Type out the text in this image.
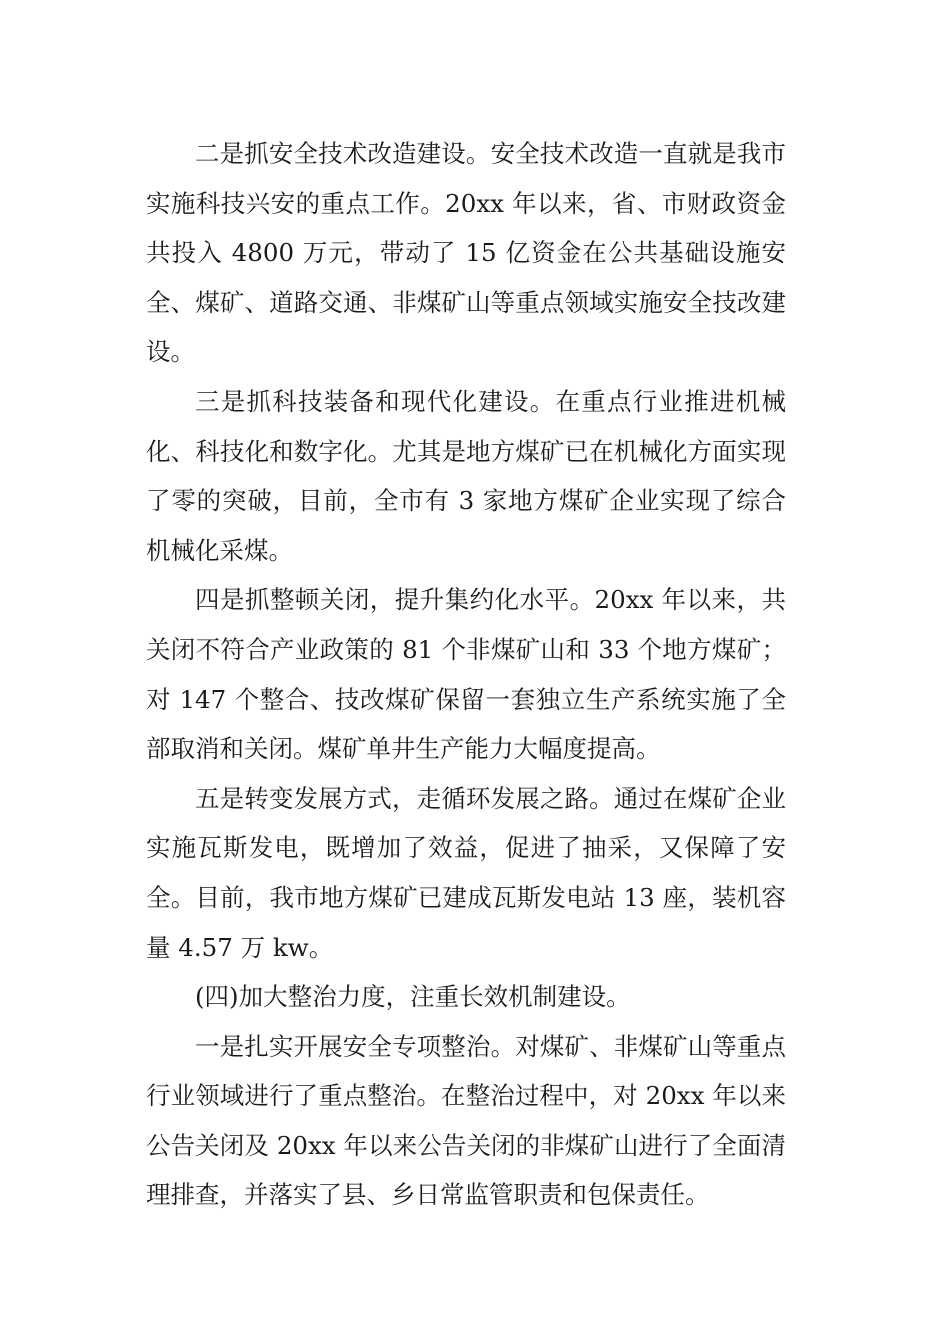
二是抓安全技术改造建设。安全技术改造一直就是我市实施科技兴安的重点工作。20xx 年以来，省、市财政资金共投入 4800 万元，带动了 15 亿资金在公共基础设施安全、煤矿、道路交通、非煤矿山等重点领域实施安全技改建设。

三是抓科技装备和现代化建设。在重点行业推进机械化、科技化和数字化。尤其是地方煤矿已在机械化方面实现了零的突破，目前，全市有 3 家地方煤矿企业实现了综合机械化采煤。

四是抓整顿关闭，提升集约化水平。20xx 年以来，共关闭不符合产业政策的 81 个非煤矿山和 33 个地方煤矿；对 147 个整合、技改煤矿保留一套独立生产系统实施了全部取消和关闭。煤矿单井生产能力大幅度提高。

五是转变发展方式，走循环发展之路。通过在煤矿企业实施瓦斯发电，既增加了效益，促进了抽采，又保障了安全。目前，我市地方煤矿已建成瓦斯发电站 13 座，装机容量 4.57 万 kw。

(四)加大整治力度，注重长效机制建设。

一是扎实开展安全专项整治。对煤矿、非煤矿山等重点行业领域进行了重点整治。在整治过程中，对 20xx 年以来公告关闭及 20xx 年以来公告关闭的非煤矿山进行了全面清理排查，并落实了县、乡日常监管职责和包保责任。
